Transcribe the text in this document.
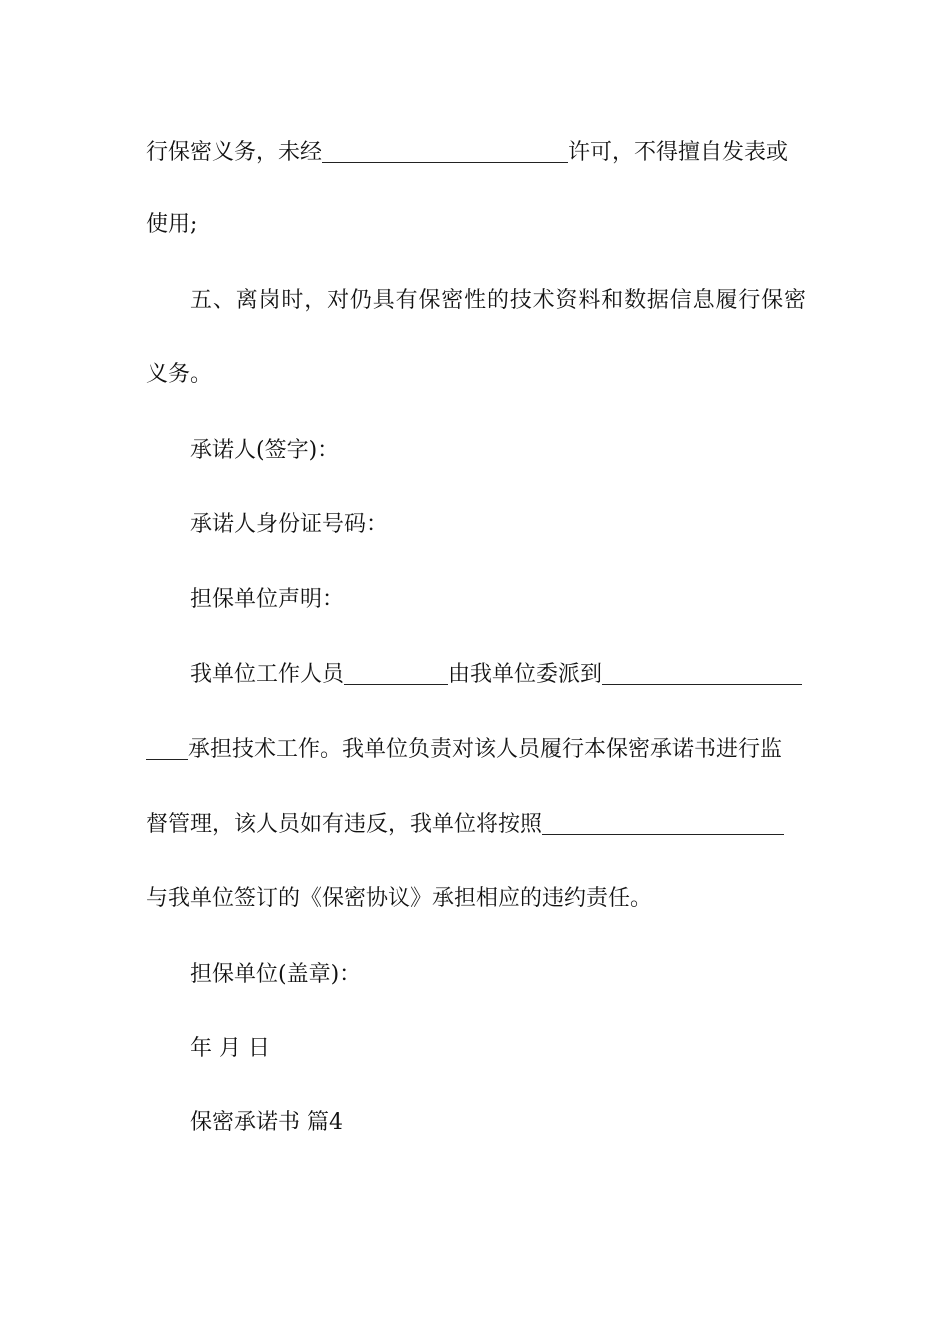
行保密义务，未经	许可，不得擅自发表或
使用;
五、离岗时，对仍具有保密性的技术资料和数据信息履行保密
义务。
承诺人(签字)：
承诺人身份证号码：
担保单位声明：
我单位工作人员	由我单位委派到
承担技术工作。我单位负责对该人员履行本保密承诺书进行监
督管理，该人员如有违反，我单位将按照
与我单位签订的《保密协议》承担相应的违约责任。
担保单位(盖章)：
年 月 日
保密承诺书 篇4
